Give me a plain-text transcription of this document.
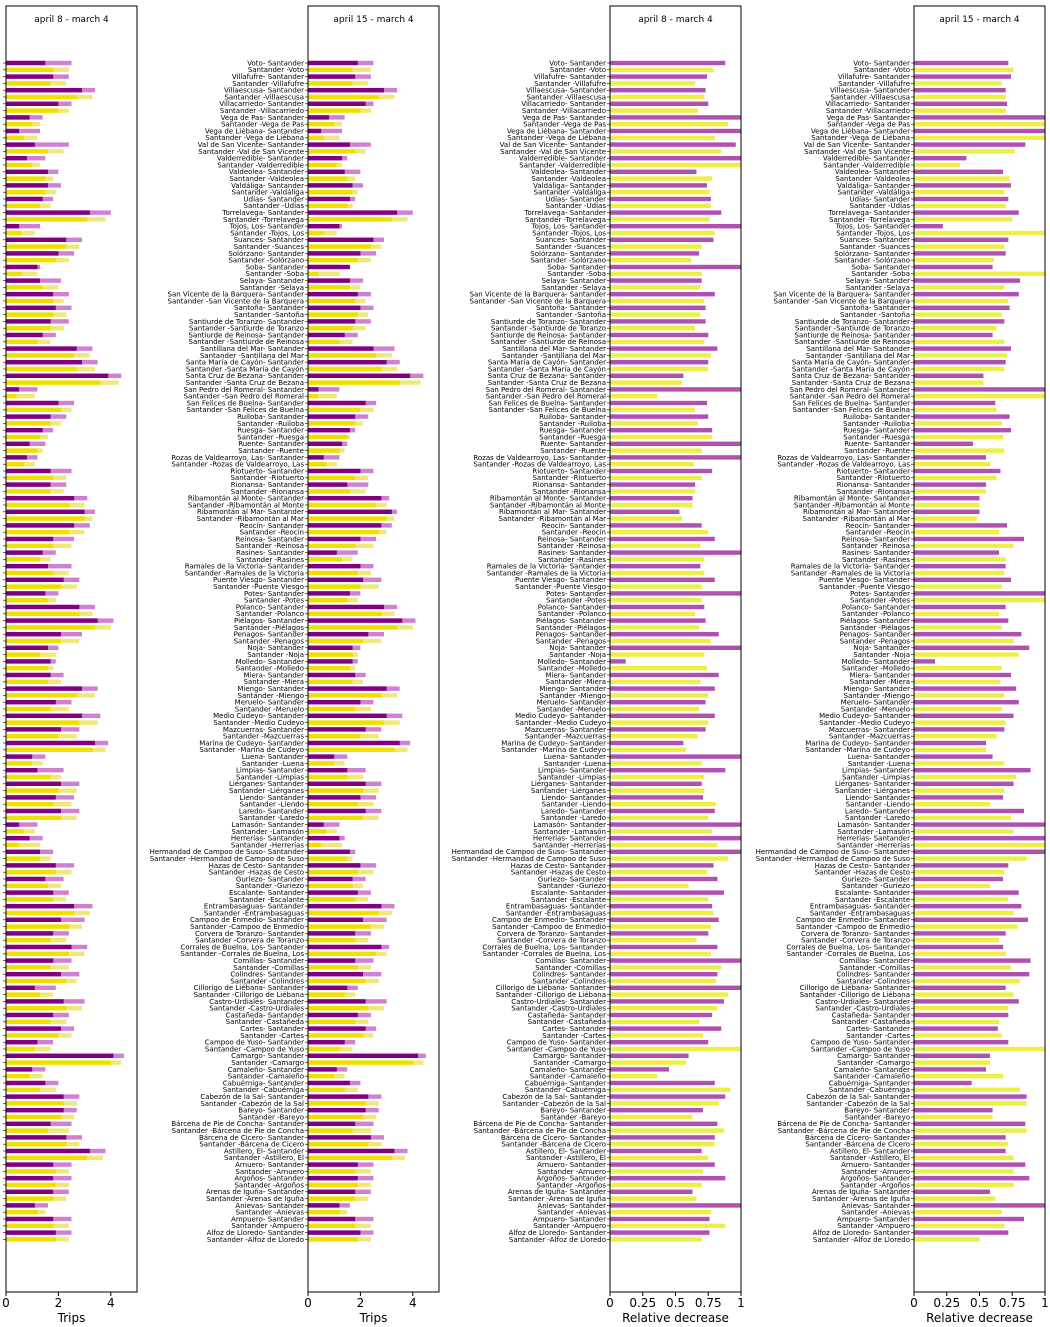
april 8 - march 4
0	2	4
Trips
april 15 - march 4
Voto- Santander
Santander -Voto
Villafufre- Santander
Santander -Villafufre
Villaescusa- Santander
Santander -Villaescusa
Villacarriedo- Santander
Santander -Villacarriedo
Vega de Pas- Santander
Santander -Vega de Pas
Vega de Liébana- Santander
Santander -Vega de Liébana
Val de San Vicente- Santander
Santander -Val de San Vicente
Valderredible- Santander
Santander -Valderredible
Valdeolea- Santander
Santander -Valdeolea
Valdáliga- Santander
Santander -Valdáliga
Udías- Santander
Santander -Udías
Torrelavega- Santander
Santander -Torrelavega
Tojos, Los- Santander
Santander -Tojos, Los
Suances- Santander
Santander -Suances
Solórzano- Santander
Santander -Solórzano
Soba- Santander
Santander -Soba
Selaya- Santander
Santander -Selaya
San Vicente de la Barquera- Santander
Santander -San Vicente de la Barquera
Santoña- Santander
Santander -Santoña
Santiurde de Toranzo- Santander
Santander -Santiurde de Toranzo
Santiurde de Reinosa- Santander
Santander -Santiurde de Reinosa
Santillana del Mar- Santander
Santander -Santillana del Mar
Santa María de Cayón- Santander
Santander -Santa María de Cayón
Santa Cruz de Bezana- Santander
Santander -Santa Cruz de Bezana
San Pedro del Romeral- Santander
Santander -San Pedro del Romeral
San Felices de Buelna- Santander
Santander -San Felices de Buelna
Ruiloba- Santander
Santander -Ruiloba
Ruesga- Santander
Santander -Ruesga
Ruente- Santander
Santander -Ruente
Rozas de Valdearroyo, Las- Santander
Santander -Rozas de Valdearroyo, Las
Riotuerto- Santander
Santander -Riotuerto
Rionansa- Santander
Santander -Rionansa
Ribamontán al Monte- Santander
Santander -Ribamontán al Monte
Ribamontán al Mar- Santander
Santander -Ribamontán al Mar
Reocín- Santander
Santander -Reocín
Reinosa- Santander
Santander -Reinosa
Rasines- Santander
Santander -Rasines
Ramales de la Victoria- Santander
Santander -Ramales de la Victoria
Puente Viesgo- Santander
Santander -Puente Viesgo
Potes- Santander
Santander -Potes
Polanco- Santander
Santander -Polanco
Piélagos- Santander
Santander -Piélagos
Penagos- Santander
Santander -Penagos
Noja- Santander
Santander -Noja
Molledo- Santander
Santander -Molledo
Miera- Santander
Santander -Miera
Miengo- Santander
Santander -Miengo
Meruelo- Santander
Santander -Meruelo
Medio Cudeyo- Santander
Santander -Medio Cudeyo
Mazcuerras- Santander
Santander -Mazcuerras
Marina de Cudeyo- Santander
Santander -Marina de Cudeyo
Luena- Santander
Santander -Luena
Limpias- Santander
Santander -Limpias
Liérganes- Santander
Santander -Liérganes
Liendo- Santander
Santander -Liendo
Laredo- Santander
Santander -Laredo
Lamasón- Santander
Santander -Lamasón
Herrerías- Santander
Santander -Herrerías
Hermandad de Campoo de Suso- Santander
Santander -Hermandad de Campoo de Suso
Hazas de Cesto- Santander
Santander -Hazas de Cesto
Guriezo- Santander
Santander -Guriezo
Escalante- Santander
Santander -Escalante
Entrambasaguas- Santander
Santander -Entrambasaguas
Campoo de Enmedio- Santander
Santander -Campoo de Enmedio
Corvera de Toranzo- Santander
Santander -Corvera de Toranzo
Corrales de Buelna, Los- Santander
Santander -Corrales de Buelna, Los
Comillas- Santander
Santander -Comillas
Colindres- Santander
Santander -Colindres
Cillorigo de Liébana- Santander
Santander -Cillorigo de Liébana
Castro-Urdiales- Santander
Santander -Castro-Urdiales
Castañeda- Santander
Santander -Castañeda
Cartes- Santander
Santander -Cartes
Campoo de Yuso- Santander
Santander -Campoo de Yuso
Camargo- Santander
Santander -Camargo
Camaleño- Santander
Santander -Camaleño
Cabuérniga- Santander
Santander -Cabuérniga
Cabezón de la Sal- Santander
Santander -Cabezón de la Sal
Bareyo- Santander
Santander -Bareyo
Bárcena de Pie de Concha- Santander
Santander -Bárcena de Pie de Concha
Bárcena de Cicero- Santander
Santander -Bárcena de Cicero
Astillero, El- Santander
Santander -Astillero, El
Arnuero- Santander
Santander -Arnuero
Argoños- Santander
Santander -Argoños
Arenas de Iguña- Santander
Santander -Arenas de Iguña
Anievas- Santander
Santander -Anievas
Ampuero- Santander
Santander -Ampuero
Alfoz de Lloredo- Santander
Santander -Alfoz de Lloredo
0	2	4
Trips
april 8 - march 4
Voto- Santander
Santander -Voto
Villafufre- Santander
Santander -Villafufre
Villaescusa- Santander
Santander -Villaescusa
Villacarriedo- Santander
Santander -Villacarriedo
Vega de Pas- Santander
Santander -Vega de Pas
Vega de Liébana- Santander
Santander -Vega de Liébana
Val de San Vicente- Santander
Santander -Val de San Vicente
Valderredible- Santander
Santander -Valderredible
Valdeolea- Santander
Santander -Valdeolea
Valdáliga- Santander
Santander -Valdáliga
Udías- Santander
Santander -Udías
Torrelavega- Santander
Santander -Torrelavega
Tojos, Los- Santander
Santander -Tojos, Los
Suances- Santander
Santander -Suances
Solórzano- Santander
Santander -Solórzano
Soba- Santander
Santander -Soba
Selaya- Santander
Santander -Selaya
San Vicente de la Barquera- Santander
Santander -San Vicente de la Barquera
Santoña- Santander
Santander -Santoña
Santiurde de Toranzo- Santander
Santander -Santiurde de Toranzo
Santiurde de Reinosa- Santander
Santander -Santiurde de Reinosa
Santillana del Mar- Santander
Santander -Santillana del Mar
Santa María de Cayón- Santander
Santander -Santa María de Cayón
Santa Cruz de Bezana- Santander
Santander -Santa Cruz de Bezana
San Pedro del Romeral- Santander
Santander -San Pedro del Romeral
San Felices de Buelna- Santander
Santander -San Felices de Buelna
Ruiloba- Santander
Santander -Ruiloba
Ruesga- Santander
Santander -Ruesga
Ruente- Santander
Santander -Ruente
Rozas de Valdearroyo, Las- Santander
Santander -Rozas de Valdearroyo, Las
Riotuerto- Santander
Santander -Riotuerto
Rionansa- Santander
Santander -Rionansa
Ribamontán al Monte- Santander
Santander -Ribamontán al Monte
Ribamontán al Mar- Santander
Santander -Ribamontán al Mar
Reocín- Santander
Santander -Reocín
Reinosa- Santander
Santander -Reinosa
Rasines- Santander
Santander -Rasines
Ramales de la Victoria- Santander
Santander -Ramales de la Victoria
Puente Viesgo- Santander
Santander -Puente Viesgo
Potes- Santander
Santander -Potes
Polanco- Santander
Santander -Polanco
Piélagos- Santander
Santander -Piélagos
Penagos- Santander
Santander -Penagos
Noja- Santander
Santander -Noja
Molledo- Santander
Santander -Molledo
Miera- Santander
Santander -Miera
Miengo- Santander
Santander -Miengo
Meruelo- Santander
Santander -Meruelo
Medio Cudeyo- Santander
Santander -Medio Cudeyo
Mazcuerras- Santander
Santander -Mazcuerras
Marina de Cudeyo- Santander
Santander -Marina de Cudeyo
Luena- Santander
Santander -Luena
Limpias- Santander
Santander -Limpias
Liérganes- Santander
Santander -Liérganes
Liendo- Santander
Santander -Liendo
Laredo- Santander
Santander -Laredo
Lamasón- Santander
Santander -Lamasón
Herrerías- Santander
Santander -Herrerías
Hermandad de Campoo de Suso- Santander
Santander -Hermandad de Campoo de Suso
Hazas de Cesto- Santander
Santander -Hazas de Cesto
Guriezo- Santander
Santander -Guriezo
Escalante- Santander
Santander -Escalante
Entrambasaguas- Santander
Santander -Entrambasaguas
Campoo de Enmedio- Santander
Santander -Campoo de Enmedio
Corvera de Toranzo- Santander
Santander -Corvera de Toranzo
Corrales de Buelna, Los- Santander
Santander -Corrales de Buelna, Los
Comillas- Santander
Santander -Comillas
Colindres- Santander
Santander -Colindres
Cillorigo de Liébana- Santander
Santander -Cillorigo de Liébana
Castro-Urdiales- Santander
Santander -Castro-Urdiales
Castañeda- Santander
Santander -Castañeda
Cartes- Santander
Santander -Cartes
Campoo de Yuso- Santander
Santander -Campoo de Yuso
Camargo- Santander
Santander -Camargo
Camaleño- Santander
Santander -Camaleño
Cabuérniga- Santander
Santander -Cabuérniga
Cabezón de la Sal- Santander
Santander -Cabezón de la Sal
Bareyo- Santander
Santander -Bareyo
Bárcena de Pie de Concha- Santander
Santander -Bárcena de Pie de Concha
Bárcena de Cicero- Santander
Santander -Bárcena de Cicero
Astillero, El- Santander
Santander -Astillero, El
Arnuero- Santander
Santander -Arnuero
Argoños- Santander
Santander -Argoños
Arenas de Iguña- Santander
Santander -Arenas de Iguña
Anievas- Santander
Santander -Anievas
Ampuero- Santander
Santander -Ampuero
Alfoz de Lloredo- Santander
Santander -Alfoz de Lloredo
0 0.25 0.5 0.75 1
Relative decrease
april 15 - march 4
Voto- Santander
Santander -Voto
Villafufre- Santander
Santander -Villafufre
Villaescusa- Santander
Santander -Villaescusa
Villacarriedo- Santander
Santander -Villacarriedo
Vega de Pas- Santander
Santander -Vega de Pas
Vega de Liébana- Santander
Santander -Vega de Liébana
Val de San Vicente- Santander
Santander -Val de San Vicente
Valderredible- Santander
Santander -Valderredible
Valdeolea- Santander
Santander -Valdeolea
Valdáliga- Santander
Santander -Valdáliga
Udías- Santander
Santander -Udías
Torrelavega- Santander
Santander -Torrelavega
Tojos, Los- Santander
Santander -Tojos, Los
Suances- Santander
Santander -Suances
Solórzano- Santander
Santander -Solórzano
Soba- Santander
Santander -Soba
Selaya- Santander
Santander -Selaya
San Vicente de la Barquera- Santander
Santander -San Vicente de la Barquera
Santoña- Santander
Santander -Santoña
Santiurde de Toranzo- Santander
Santander -Santiurde de Toranzo
Santiurde de Reinosa- Santander
Santander -Santiurde de Reinosa
Santillana del Mar- Santander
Santander -Santillana del Mar
Santa María de Cayón- Santander
Santander -Santa María de Cayón
Santa Cruz de Bezana- Santander
Santander -Santa Cruz de Bezana
San Pedro del Romeral- Santander
Santander -San Pedro del Romeral
San Felices de Buelna- Santander
Santander -San Felices de Buelna
Ruiloba- Santander
Santander -Ruiloba
Ruesga- Santander
Santander -Ruesga
Ruente- Santander
Santander -Ruente
Rozas de Valdearroyo, Las- Santander
Santander -Rozas de Valdearroyo, Las
Riotuerto- Santander
Santander -Riotuerto
Rionansa- Santander
Santander -Rionansa
Ribamontán al Monte- Santander
Santander -Ribamontán al Monte
Ribamontán al Mar- Santander
Santander -Ribamontán al Mar
Reocín- Santander
Santander -Reocín
Reinosa- Santander
Santander -Reinosa
Rasines- Santander
Santander -Rasines
Ramales de la Victoria- Santander
Santander -Ramales de la Victoria
Puente Viesgo- Santander
Santander -Puente Viesgo
Potes- Santander
Santander -Potes
Polanco- Santander
Santander -Polanco
Piélagos- Santander
Santander -Piélagos
Penagos- Santander
Santander -Penagos
Noja- Santander
Santander -Noja
Molledo- Santander
Santander -Molledo
Miera- Santander
Santander -Miera
Miengo- Santander
Santander -Miengo
Meruelo- Santander
Santander -Meruelo
Medio Cudeyo- Santander
Santander -Medio Cudeyo
Mazcuerras- Santander
Santander -Mazcuerras
Marina de Cudeyo- Santander
Santander -Marina de Cudeyo
Luena- Santander
Santander -Luena
Limpias- Santander
Santander -Limpias
Liérganes- Santander
Santander -Liérganes
Liendo- Santander
Santander -Liendo
Laredo- Santander
Santander -Laredo
Lamasón- Santander
Santander -Lamasón
Herrerías- Santander
Santander -Herrerías
Hermandad de Campoo de Suso- Santander
Santander -Hermandad de Campoo de Suso
Hazas de Cesto- Santander
Santander -Hazas de Cesto
Guriezo- Santander
Santander -Guriezo
Escalante- Santander
Santander -Escalante
Entrambasaguas- Santander
Santander -Entrambasaguas
Campoo de Enmedio- Santander
Santander -Campoo de Enmedio
Corvera de Toranzo- Santander
Santander -Corvera de Toranzo
Corrales de Buelna, Los- Santander
Santander -Corrales de Buelna, Los
Comillas- Santander
Santander -Comillas
Colindres- Santander
Santander -Colindres
Cillorigo de Liébana- Santander
Santander -Cillorigo de Liébana
Castro-Urdiales- Santander
Santander -Castro-Urdiales
Castañeda- Santander
Santander -Castañeda
Cartes- Santander
Santander -Cartes
Campoo de Yuso- Santander
Santander -Campoo de Yuso
Camargo- Santander
Santander -Camargo
Camaleño- Santander
Santander -Camaleño
Cabuérniga- Santander
Santander -Cabuérniga
Cabezón de la Sal- Santander
Santander -Cabezón de la Sal
Bareyo- Santander
Santander -Bareyo
Bárcena de Pie de Concha- Santander
Santander -Bárcena de Pie de Concha
Bárcena de Cicero- Santander
Santander -Bárcena de Cicero
Astillero, El- Santander
Santander -Astillero, El
Arnuero- Santander
Santander -Arnuero
Argoños- Santander
Santander -Argoños
Arenas de Iguña- Santander
Santander -Arenas de Iguña
Anievas- Santander
Santander -Anievas
Ampuero- Santander
Santander -Ampuero
Alfoz de Lloredo- Santander
Santander -Alfoz de Lloredo
0 0.25 0.5 0.75 1
Relative decrease
